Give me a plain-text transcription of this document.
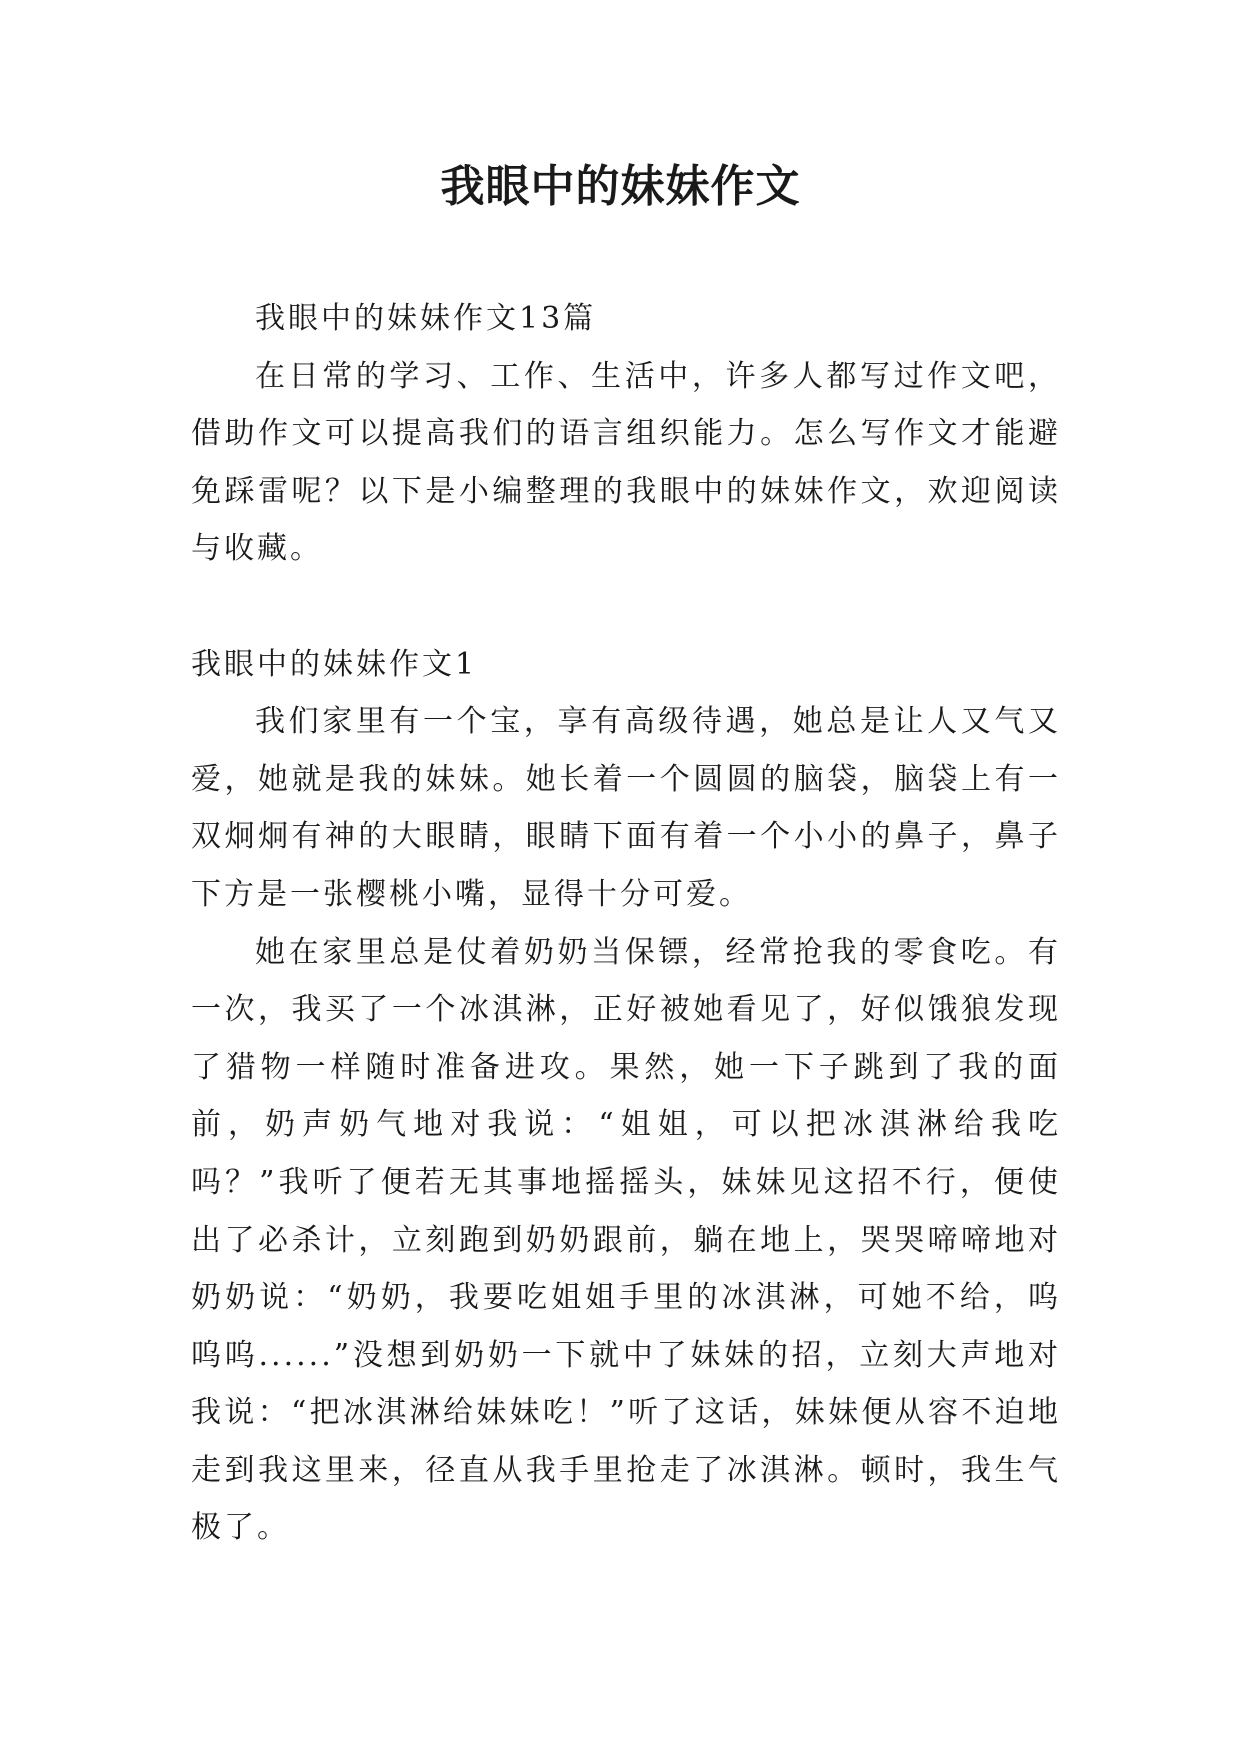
我眼中的妹妹作文

我眼中的妹妹作文13篇

在日常的学习、工作、生活中，许多人都写过作文吧，借助作文可以提高我们的语言组织能力。怎么写作文才能避免踩雷呢？以下是小编整理的我眼中的妹妹作文，欢迎阅读与收藏。

我眼中的妹妹作文1

我们家里有一个宝，享有高级待遇，她总是让人又气又爱，她就是我的妹妹。她长着一个圆圆的脑袋，脑袋上有一双炯炯有神的大眼睛，眼睛下面有着一个小小的鼻子，鼻子下方是一张樱桃小嘴，显得十分可爱。

她在家里总是仗着奶奶当保镖，经常抢我的零食吃。有一次，我买了一个冰淇淋，正好被她看见了，好似饿狼发现了猎物一样随时准备进攻。果然，她一下子跳到了我的面前，奶声奶气地对我说：“姐姐，可以把冰淇淋给我吃吗？”我听了便若无其事地摇摇头，妹妹见这招不行，便使出了必杀计，立刻跑到奶奶跟前，躺在地上，哭哭啼啼地对奶奶说：“奶奶，我要吃姐姐手里的冰淇淋，可她不给，呜呜呜......”没想到奶奶一下就中了妹妹的招，立刻大声地对我说：“把冰淇淋给妹妹吃！”听了这话，妹妹便从容不迫地走到我这里来，径直从我手里抢走了冰淇淋。顿时，我生气极了。
